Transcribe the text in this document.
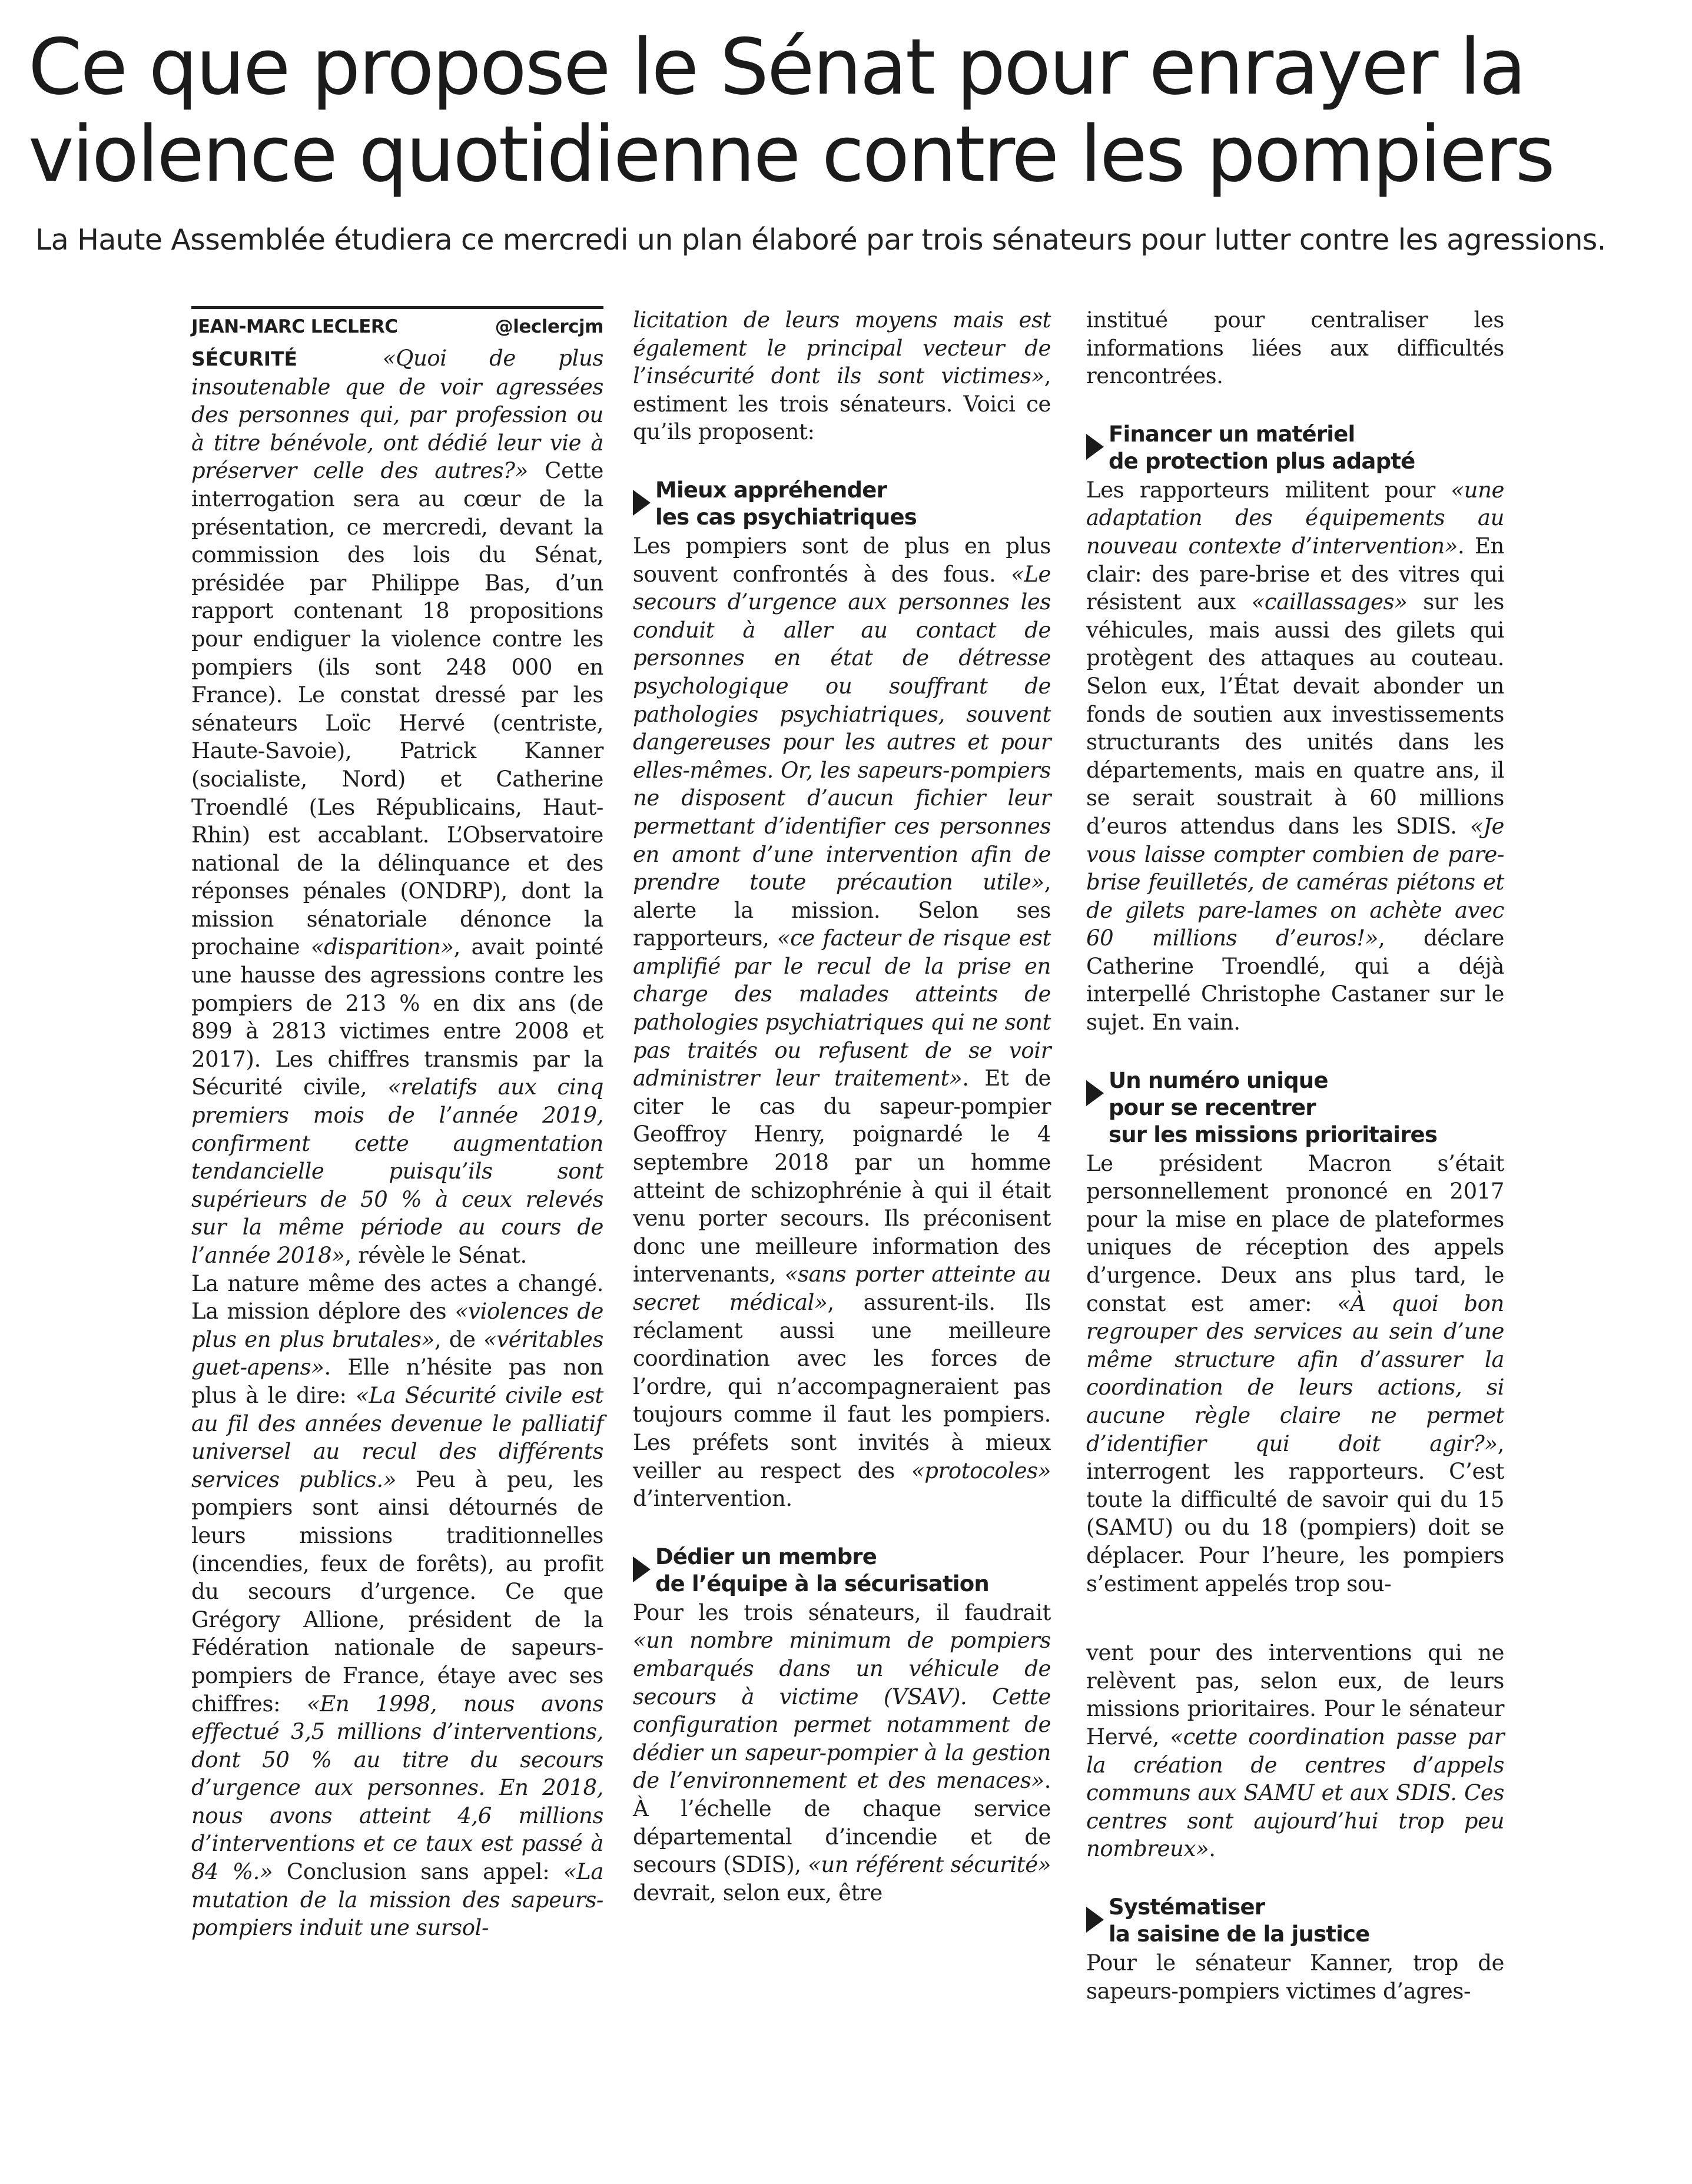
Ce que propose le Sénat pour enrayer la
violence quotidienne contre les pompiers

La Haute Assemblée étudiera ce mercredi un plan élaboré par trois sénateurs pour lutter contre les agressions.

JEAN-MARC LECLERC	@leclercjm

SÉCURITÉ	«Quoi de plus insoutenable que de voir agressées des personnes qui, par profession ou à titre bénévole, ont dédié leur vie à préserver celle des autres?» Cette interrogation sera au cœur de la présentation, ce mercredi, devant la commission des lois du Sénat, présidée par Philippe Bas, d’un rapport contenant 18 propositions pour endiguer la violence contre les pompiers (ils sont 248 000 en France). Le constat dressé par les sénateurs Loïc Hervé (centriste, Haute-Savoie), Patrick Kanner (socialiste, Nord) et Catherine Troendlé (Les Républicains, Haut-Rhin) est accablant. L’Observatoire national de la délinquance et des réponses pénales (ONDRP), dont la mission sénatoriale dénonce la prochaine «disparition», avait pointé une hausse des agressions contre les pompiers de 213 % en dix ans (de 899 à 2813 victimes entre 2008 et 2017). Les chiffres transmis par la Sécurité civile, «relatifs aux cinq premiers mois de l’année 2019, confirment cette augmentation tendancielle puisqu’ils sont supérieurs de 50 % à ceux relevés sur la même période au cours de l’année 2018», révèle le Sénat.

La nature même des actes a changé. La mission déplore des «violences de plus en plus brutales», de «véritables guet-apens». Elle n’hésite pas non plus à le dire: «La Sécurité civile est au fil des années devenue le palliatif universel au recul des différents services publics.» Peu à peu, les pompiers sont ainsi détournés de leurs missions traditionnelles (incendies, feux de forêts), au profit du secours d’urgence. Ce que Grégory Allione, président de la Fédération nationale de sapeurs-pompiers de France, étaye avec ses chiffres: «En 1998, nous avons effectué 3,5 millions d’interventions, dont 50 % au titre du secours d’urgence aux personnes. En 2018, nous avons atteint 4,6 millions d’interventions et ce taux est passé à 84 %.» Conclusion sans appel: «La mutation de la mission des sapeurs-pompiers induit une sursol-

licitation de leurs moyens mais est également le principal vecteur de l’insécurité dont ils sont victimes», estiment les trois sénateurs. Voici ce qu’ils proposent:

Mieux appréhender
les cas psychiatriques

Les pompiers sont de plus en plus souvent confrontés à des fous. «Le secours d’urgence aux personnes les conduit à aller au contact de personnes en état de détresse psychologique ou souffrant de pathologies psychiatriques, souvent dangereuses pour les autres et pour elles-mêmes. Or, les sapeurs-pompiers ne disposent d’aucun fichier leur permettant d’identifier ces personnes en amont d’une intervention afin de prendre toute précaution utile», alerte la mission. Selon ses rapporteurs, «ce facteur de risque est amplifié par le recul de la prise en charge des malades atteints de pathologies psychiatriques qui ne sont pas traités ou refusent de se voir administrer leur traitement». Et de citer le cas du sapeur-pompier Geoffroy Henry, poignardé le 4 septembre 2018 par un homme atteint de schizophrénie à qui il était venu porter secours. Ils préconisent donc une meilleure information des intervenants, «sans porter atteinte au secret médical», assurent-ils. Ils réclament aussi une meilleure coordination avec les forces de l’ordre, qui n’accompagneraient pas toujours comme il faut les pompiers. Les préfets sont invités à mieux veiller au respect des «protocoles» d’intervention.

Dédier un membre
de l’équipe à la sécurisation

Pour les trois sénateurs, il faudrait «un nombre minimum de pompiers embarqués dans un véhicule de secours à victime (VSAV). Cette configuration permet notamment de dédier un sapeur-pompier à la gestion de l’environnement et des menaces». À l’échelle de chaque service départemental d’incendie et de secours (SDIS), «un référent sécurité» devrait, selon eux, être

institué pour centraliser les informations liées aux difficultés rencontrées.

Financer un matériel
de protection plus adapté

Les rapporteurs militent pour «une adaptation des équipements au nouveau contexte d’intervention». En clair: des pare-brise et des vitres qui résistent aux «caillassages» sur les véhicules, mais aussi des gilets qui protègent des attaques au couteau. Selon eux, l’État devait abonder un fonds de soutien aux investissements structurants des unités dans les départements, mais en quatre ans, il se serait soustrait à 60 millions d’euros attendus dans les SDIS. «Je vous laisse compter combien de pare-brise feuilletés, de caméras piétons et de gilets pare-lames on achète avec 60 millions d’euros!», déclare Catherine Troendlé, qui a déjà interpellé Christophe Castaner sur le sujet. En vain.

Un numéro unique
pour se recentrer
sur les missions prioritaires

Le président Macron s’était personnellement prononcé en 2017 pour la mise en place de plateformes uniques de réception des appels d’urgence. Deux ans plus tard, le constat est amer: «À quoi bon regrouper des services au sein d’une même structure afin d’assurer la coordination de leurs actions, si aucune règle claire ne permet d’identifier qui doit agir?», interrogent les rapporteurs. C’est toute la difficulté de savoir qui du 15 (SAMU) ou du 18 (pompiers) doit se déplacer. Pour l’heure, les pompiers s’estiment appelés trop sou-

vent pour des interventions qui ne relèvent pas, selon eux, de leurs missions prioritaires. Pour le sénateur Hervé, «cette coordination passe par la création de centres d’appels communs aux SAMU et aux SDIS. Ces centres sont aujourd’hui trop peu nombreux».

Systématiser
la saisine de la justice

Pour le sénateur Kanner, trop de sapeurs-pompiers victimes d’agres-
